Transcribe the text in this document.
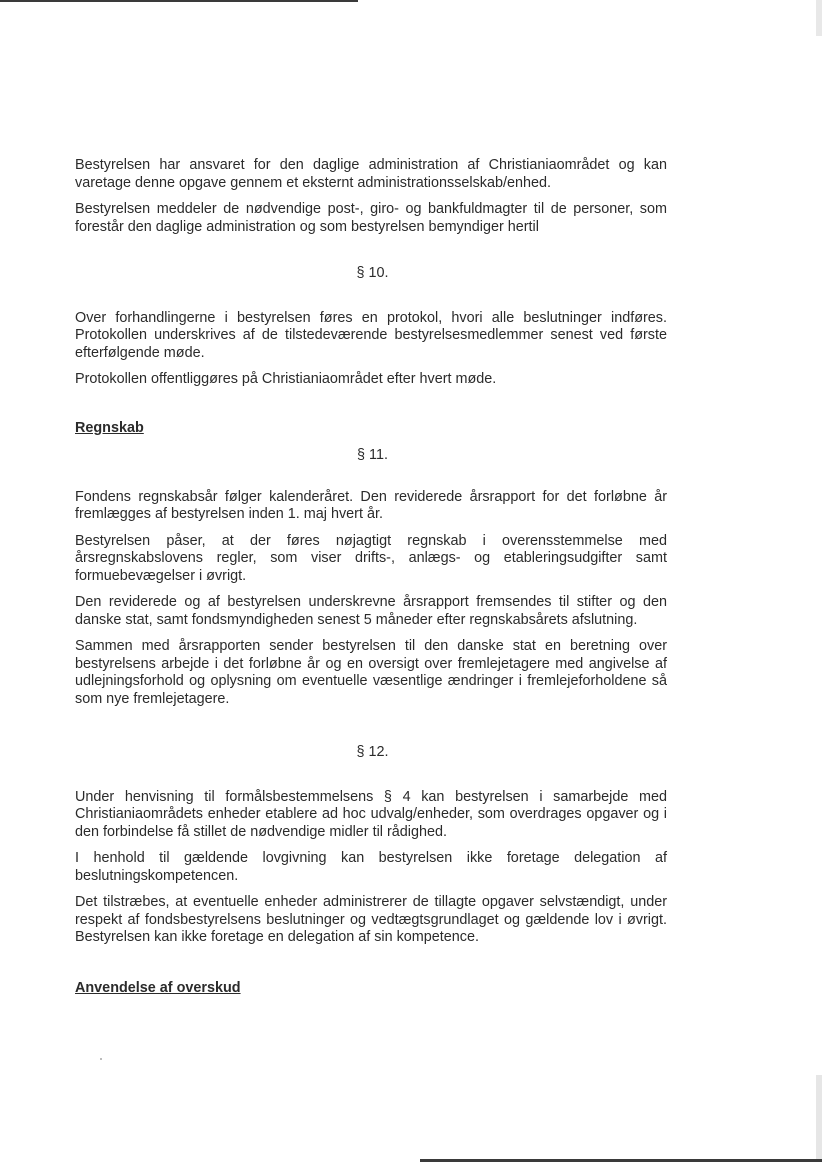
Bestyrelsen har ansvaret for den daglige administration af Christianiaområdet og kan varetage denne opgave gennem et eksternt administrationsselskab/enhed.

Bestyrelsen meddeler de nødvendige post-, giro- og bankfuldmagter til de personer, som forestår den daglige administration og som bestyrelsen bemyndiger hertil

§ 10.

Over forhandlingerne i bestyrelsen føres en protokol, hvori alle beslutninger indføres. Protokollen underskrives af de tilstedeværende bestyrelsesmedlemmer senest ved første efterfølgende møde.

Protokollen offentliggøres på Christianiaområdet efter hvert møde.

Regnskab
§ 11.

Fondens regnskabsår følger kalenderåret. Den reviderede årsrapport for det forløbne år fremlægges af bestyrelsen inden 1. maj hvert år.

Bestyrelsen påser, at der føres nøjagtigt regnskab i overensstemmelse med årsregnskabslovens regler, som viser drifts-, anlægs- og etableringsudgifter samt formuebevægelser i øvrigt.

Den reviderede og af bestyrelsen underskrevne årsrapport fremsendes til stifter og den danske stat, samt fondsmyndigheden senest 5 måneder efter regnskabsårets afslutning.

Sammen med årsrapporten sender bestyrelsen til den danske stat en beretning over bestyrelsens arbejde i det forløbne år og en oversigt over fremlejetagere med angivelse af udlejningsforhold og oplysning om eventuelle væsentlige ændringer i fremlejeforholdene så som nye fremlejetagere.

§ 12.

Under henvisning til formålsbestemmelsens § 4 kan bestyrelsen i samarbejde med Christianiaområdets enheder etablere ad hoc udvalg/enheder, som overdrages opgaver og i den forbindelse få stillet de nødvendige midler til rådighed.

I henhold til gældende lovgivning kan bestyrelsen ikke foretage delegation af beslutningskompetencen.

Det tilstræbes, at eventuelle enheder administrerer de tillagte opgaver selvstændigt, under respekt af fondsbestyrelsens beslutninger og vedtægtsgrundlaget og gældende lov i øvrigt. Bestyrelsen kan ikke foretage en delegation af sin kompetence.

Anvendelse af overskud
